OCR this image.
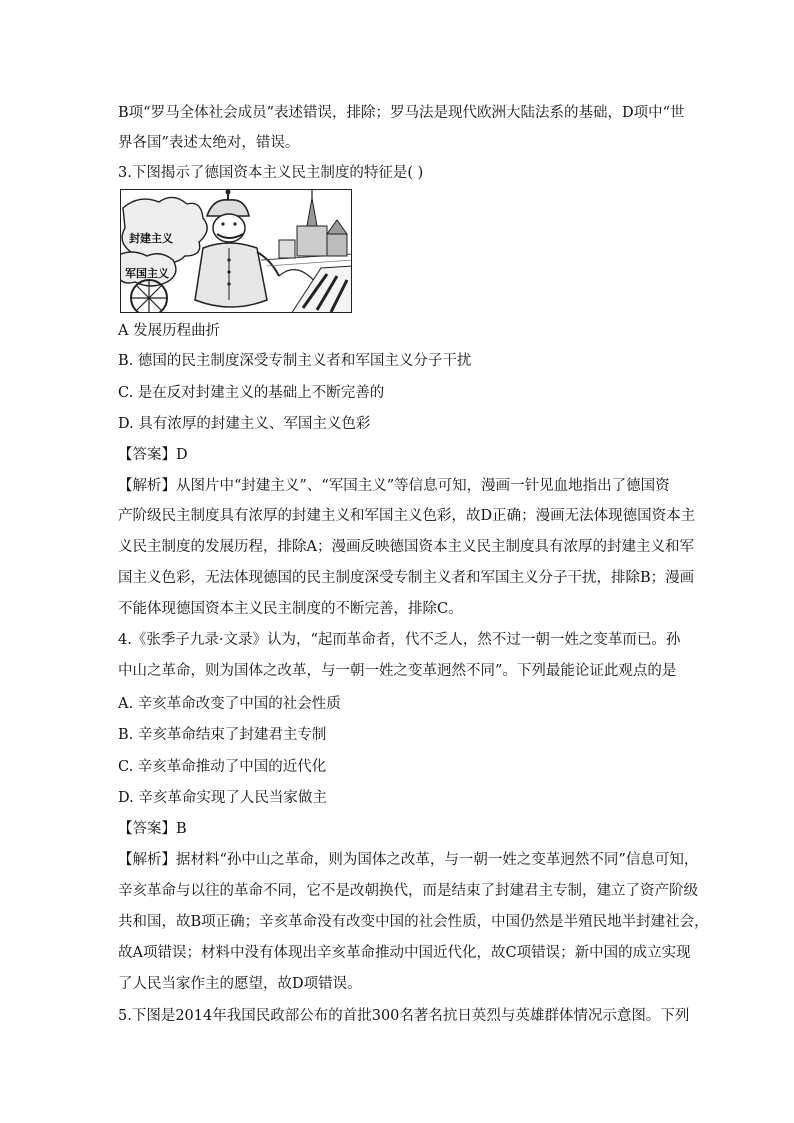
B项“罗马全体社会成员”表述错误，排除；罗马法是现代欧洲大陆法系的基础，D项中“世
界各国”表述太绝对，错误。
3.下图揭示了德国资本主义民主制度的特征是( )
封建主义
军国主义
A 发展历程曲折
B. 德国的民主制度深受专制主义者和军国主义分子干扰
C. 是在反对封建主义的基础上不断完善的
D. 具有浓厚的封建主义、军国主义色彩
【答案】D
【解析】从图片中“封建主义”、“军国主义”等信息可知，漫画一针见血地指出了德国资
产阶级民主制度具有浓厚的封建主义和军国主义色彩，故D正确；漫画无法体现德国资本主
义民主制度的发展历程，排除A；漫画反映德国资本主义民主制度具有浓厚的封建主义和军
国主义色彩，无法体现德国的民主制度深受专制主义者和军国主义分子干扰，排除B；漫画
不能体现德国资本主义民主制度的不断完善，排除C。
4.《张季子九录·文录》认为，“起而革命者，代不乏人，然不过一朝一姓之变革而已。孙
中山之革命，则为国体之改革，与一朝一姓之变革迥然不同”。下列最能论证此观点的是
A. 辛亥革命改变了中国的社会性质
B. 辛亥革命结束了封建君主专制
C. 辛亥革命推动了中国的近代化
D. 辛亥革命实现了人民当家做主
【答案】B
【解析】据材料“孙中山之革命，则为国体之改革，与一朝一姓之变革迥然不同”信息可知，
辛亥革命与以往的革命不同，它不是改朝换代，而是结束了封建君主专制，建立了资产阶级
共和国，故B项正确；辛亥革命没有改变中国的社会性质，中国仍然是半殖民地半封建社会，
故A项错误；材料中没有体现出辛亥革命推动中国近代化，故C项错误；新中国的成立实现
了人民当家作主的愿望，故D项错误。
5.下图是2014年我国民政部公布的首批300名著名抗日英烈与英雄群体情况示意图。下列
